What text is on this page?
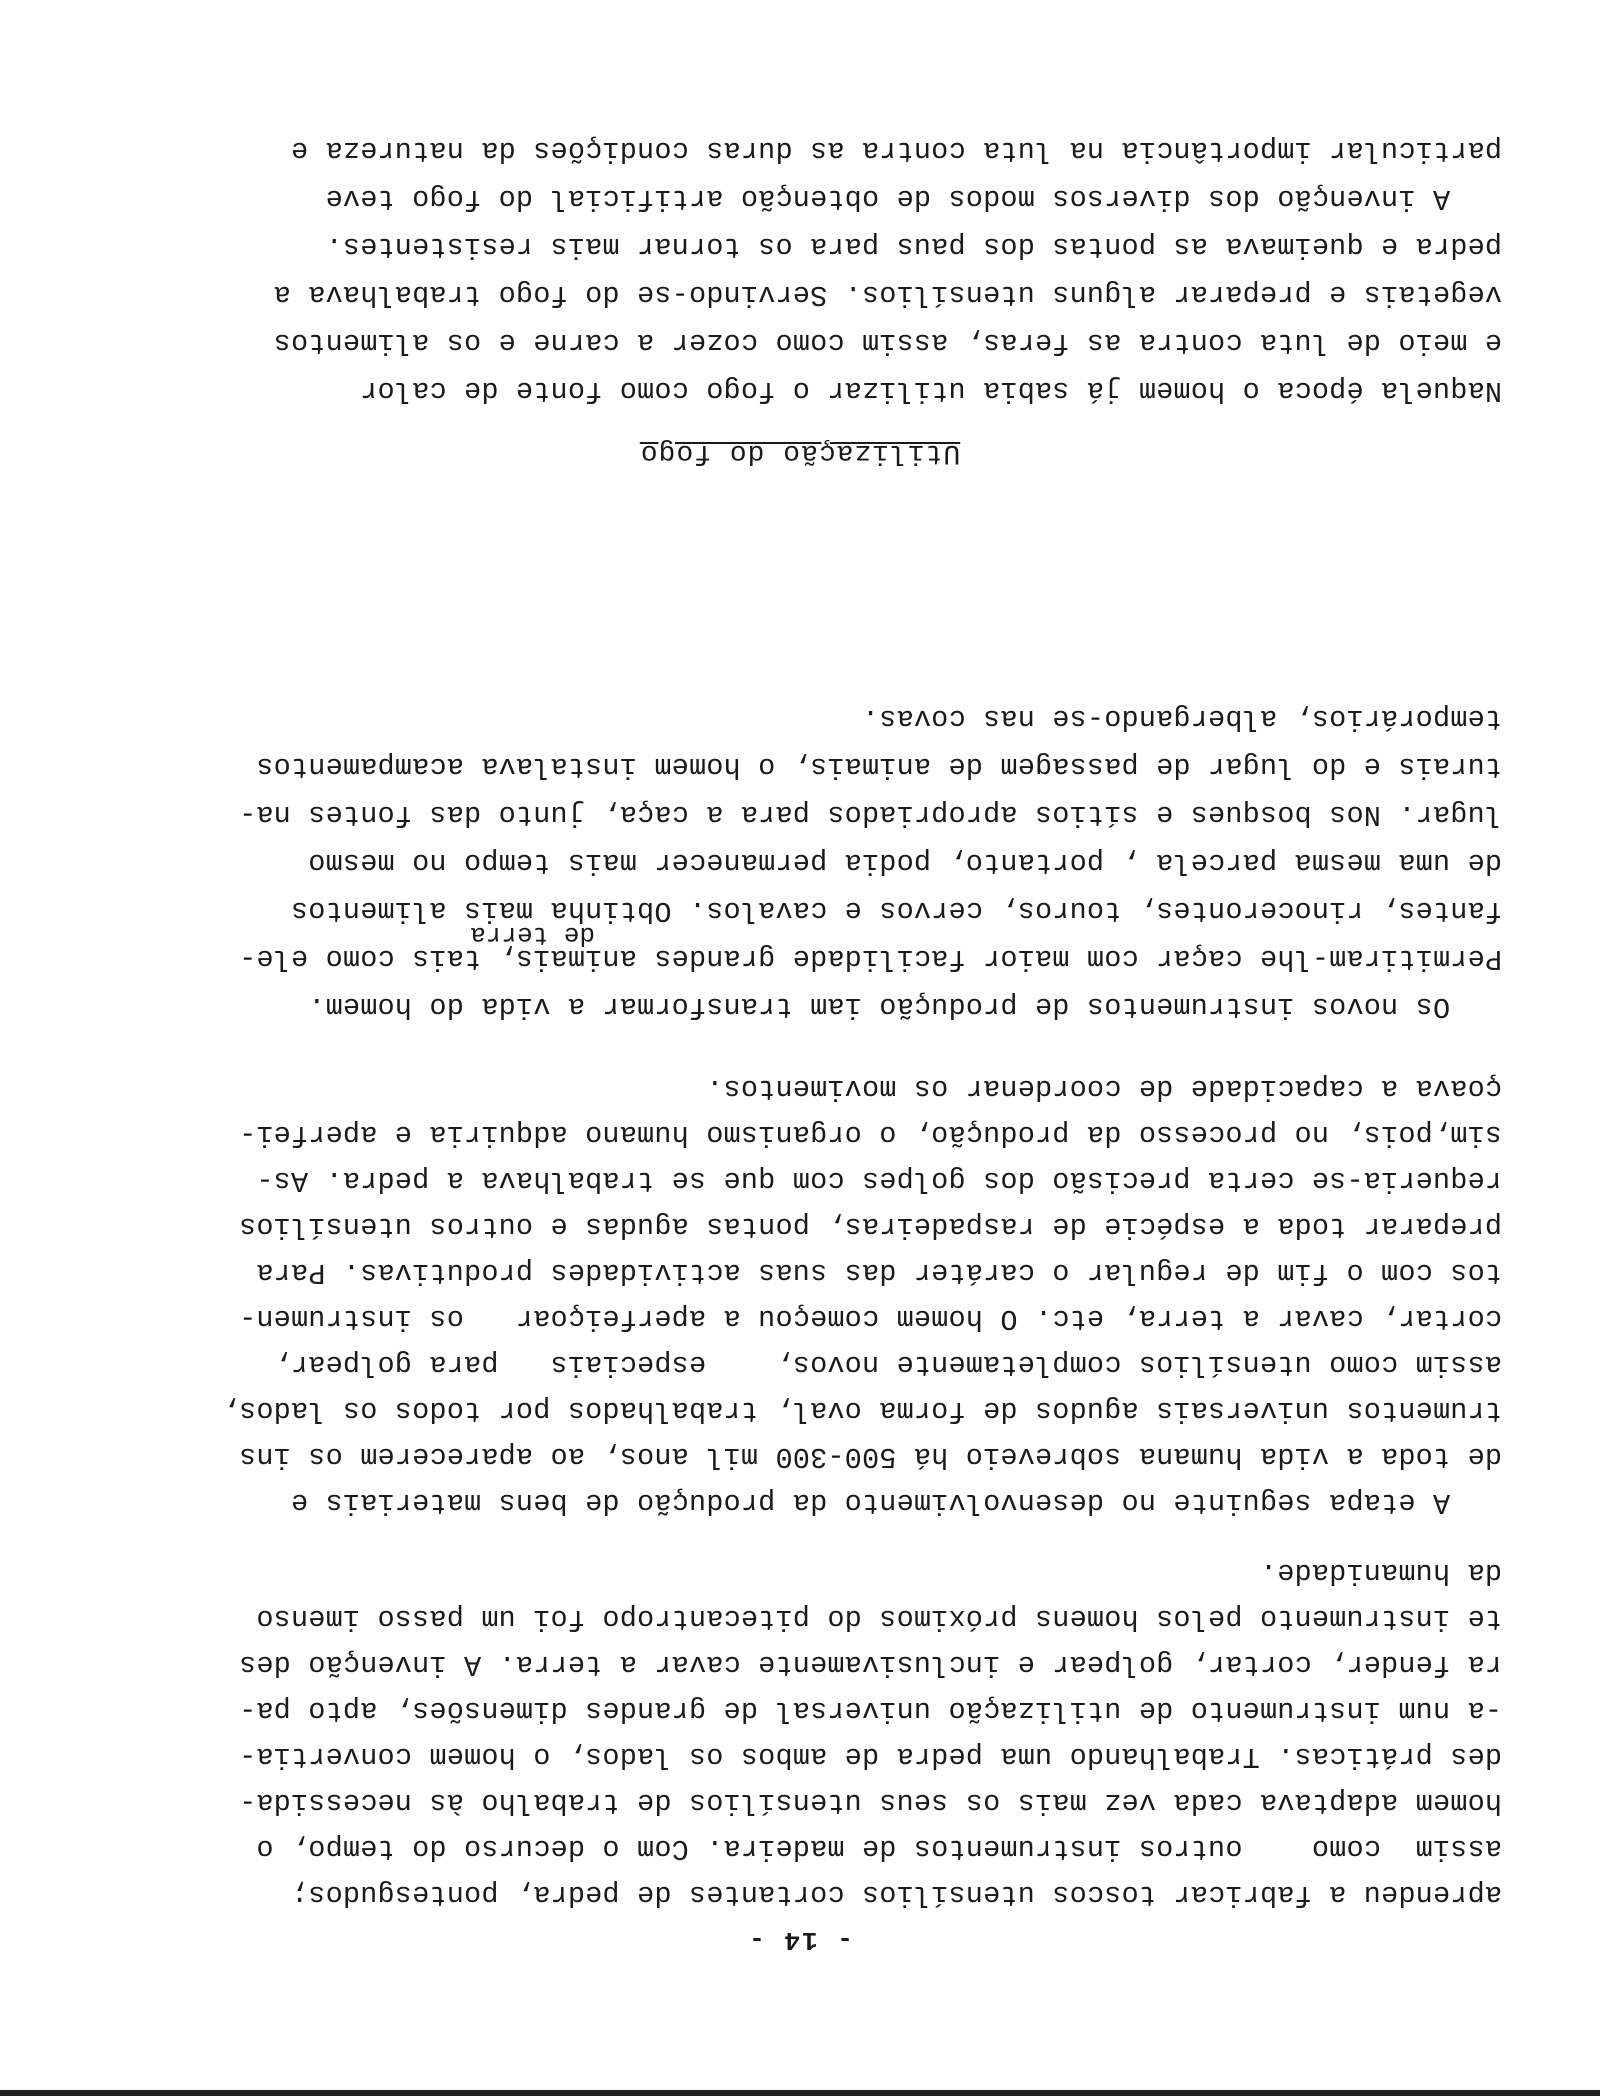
- 14 -
aprendeu a fabricar toscos utensílios cortantes de pedra, pontesgudos;
assim  como    outros instrumentos de madeira. Com o decurso do tempo, o
homem adaptava cada vez mais os seus utensílios de trabalho às necessida-
des práticas. Trabalhando uma pedra de ambos os lados, o homem convertia-
-a num instrumento de utilização universal de grandes dimensões, apto pa-
ra fender, cortar, golpear e inclusivamente cavar a terra. A invenção des
te instrumento pelos homens próximos do pitecantropo foi um passo imenso
da humanidade.
A etapa seguinte no desenvolvimento da produção de bens materiais e
de toda a vida humana sobreveio há 500-300 mil anos, ao aparecerem os ins
trumentos universais agudos de forma oval, trabalhados por todos os lados,
assim como utensílios completamente novos,    especiais   para golpear,
cortar, cavar a terra, etc. O homem começou a aperfeiçoar   os instrumen-
tos com o fim de regular o caráter das suas actividades produtivas. Para
preparar toda a espécie de raspadeiras, pontas agudas e outros utensílios
requeria-se certa precisão dos golpes com que se trabalhava a pedra. As-
sim,pois, no processo da produção, o organismo humano adquiria e aperfei-
çoava a capacidade de coordenar os movimentos.
Os novos instrumentos de produção iam transformar a vida do homem.
Permitiram-lhe caçar com maior facilidade grandes animais, tais como ele-
fantes, rinocerontes, touros, cervos e cavalos. Obtinha mais alimentos
de terra
de uma mesma parcela , portanto, podia permanecer mais tempo no mesmo
lugar. Nos bosques e sítios apropriados para a caça, junto das fontes na-
turais e do lugar de passagem de animais, o homem instalava acampamentos
temporários, albergando-se nas covas.
Utilização do fogo
Naquela época o homem já sabia utilizar o fogo como fonte de calor
e meio de luta contra as feras, assim como cozer a carne e os alimentos
vegetais e preparar alguns utensílios. Servindo-se do fogo trabalhava a
pedra e queimava as pontas dos paus para os tornar mais resistentes.
A invenção dos diversos modos de obtenção artificial do fogo teve
particular importância na luta contra as duras condições da natureza e
